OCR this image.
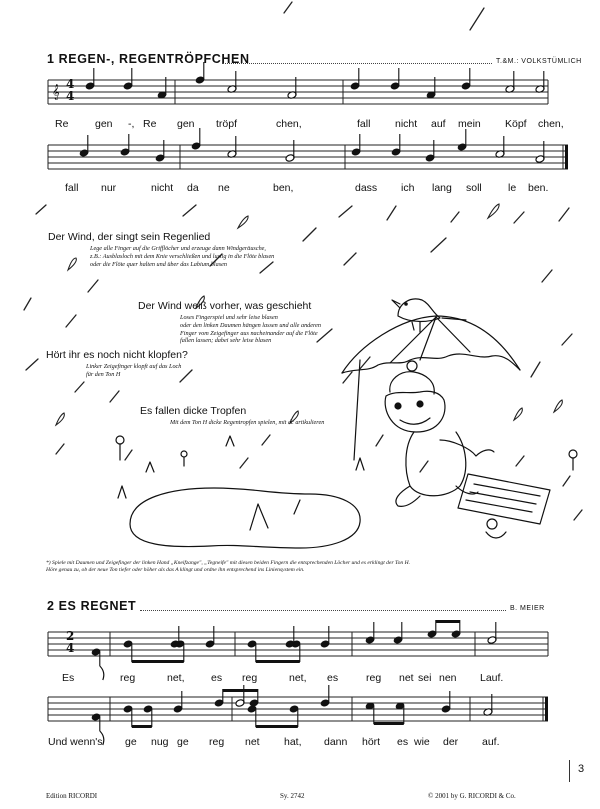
1 REGEN-, REGENTRÖPFCHEN	T.&M.: VOLKSTÜMLICH
𝄞
Re	gen -, Re gen tröpf	chen,	fall nicht auf mein Köpf chen,
fall nur	nicht da ne	ben,	dass ich lang soll le ben.
Der Wind, der singt sein Regenlied
Lege alle Finger auf die Grifflöcher und erzeuge dann Windgeräusche,
z.B.: Ausblasloch mit dem Knie verschließen und lustig in die Flöte blasen
oder die Flöte quer halten und über das Labium blasen
Der Wind weiß vorher, was geschieht
Loses Fingerspiel und sehr leise blasen
oder den linken Daumen hängen lassen und alle anderen
Finger vom Zeigefinger aus nacheinander auf die Flöte
fallen lassen; dabei sehr leise blasen
Hört ihr es noch nicht klopfen?
Linker Zeigefinger klopft auf das Loch
für den Ton H
Es fallen dicke Tropfen
Mit dem Ton H dicke Regentropfen spielen, mit dc artikulieren
*) Spiele mit Daumen und Zeigefinger der linken Hand „Kneifzange", „Tegneife" mit diesen beiden Fingern die entsprechenden Löcher und es erklingt der Ton H.
Höre genau zu, ob der neue Ton tiefer oder höher als das A klingt und ordne ihn entsprechend ins Liniensystem ein.
2 ES REGNET	B. MEIER
Es	reg	net,	es reg	net, es	reg net sei nen Lauf.
Und wenn's ge nug ge reg net hat, dann hört es wie der auf.
3
Edition RICORDI	Sy. 2742	© 2001 by G. RICORDI & Co.
4
4
2
4
